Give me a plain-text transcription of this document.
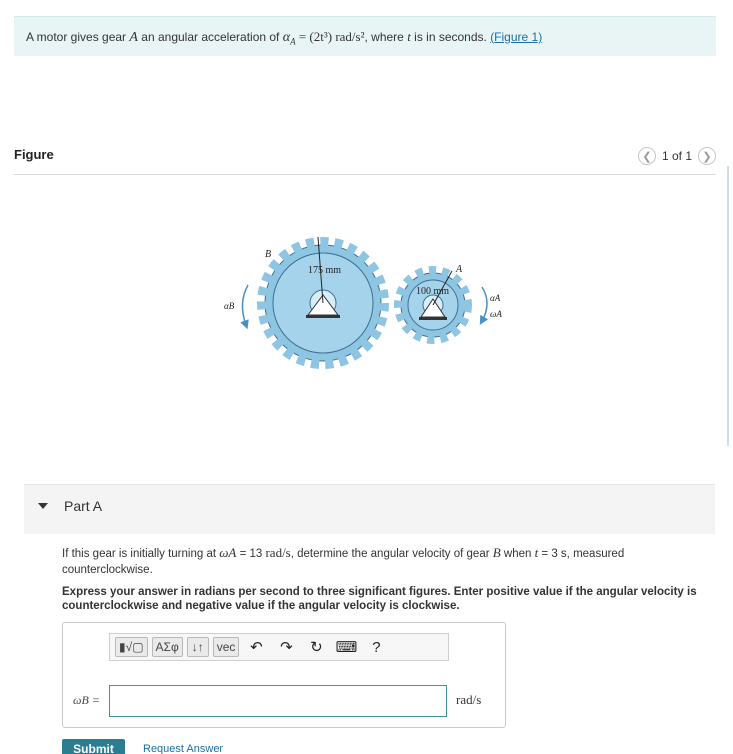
A motor gives gear A an angular acceleration of $\alpha_A = (2t^3)$ rad/s², where t is in seconds. (Figure 1)
Figure	❮ 1 of 1 ❯
B
A
175 mm
100 mm
αB
αA
ωA
Part A
If this gear is initially turning at ωA = 13 rad/s, determine the angular velocity of gear B when t = 3 s, measured counterclockwise.
Express your answer in radians per second to three significant figures. Enter positive value if the angular velocity is counterclockwise and negative value if the angular velocity is clockwise.
▮√▢	ΑΣφ	↓↑	vec ↶	↷	↻ ⌨	?
ωB =	rad/s
Submit	Request Answer
